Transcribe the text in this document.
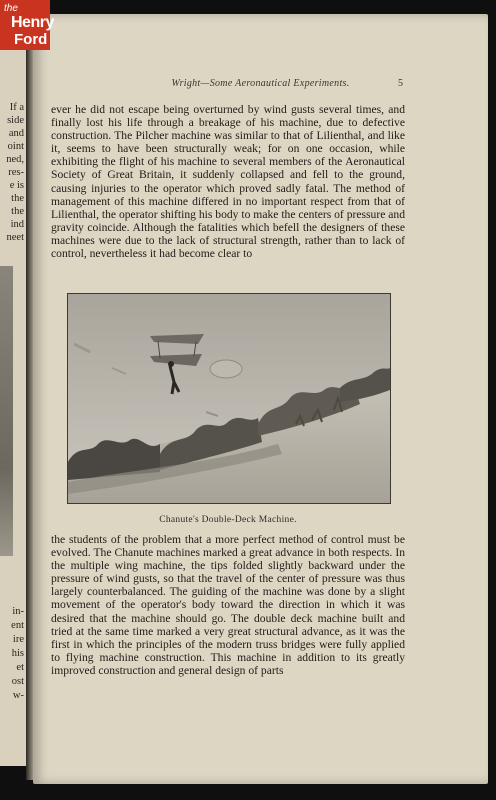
the
Henry
Ford
If a
side
and
oint
ned,
res-
e is
the
the
ind
neet
in-
ent
ire
his
et
ost
w-
Wright—Some Aeronautical Experiments.	5

ever he did not escape being overturned by wind gusts several times, and finally lost his life through a breakage of his machine, due to defective construction. The Pilcher machine was similar to that of Lilienthal, and like it, seems to have been structurally weak; for on one occasion, while exhibiting the flight of his machine to several members of the Aeronautical Society of Great Britain, it suddenly collapsed and fell to the ground, causing injuries to the operator which proved sadly fatal. The method of management of this machine differed in no important respect from that of Lilienthal, the operator shifting his body to make the centers of pressure and gravity coincide. Although the fatalities which befell the designers of these machines were due to the lack of structural strength, rather than to lack of control, nevertheless it had become clear to

Chanute's Double-Deck Machine.

the students of the problem that a more perfect method of control must be evolved. The Chanute machines marked a great advance in both respects. In the multiple wing machine, the tips folded slightly backward under the pressure of wind gusts, so that the travel of the center of pressure was thus largely counterbalanced. The guiding of the machine was done by a slight movement of the operator's body toward the direction in which it was desired that the machine should go. The double deck machine built and tried at the same time marked a very great structural advance, as it was the first in which the principles of the modern truss bridges were fully applied to flying machine construction. This machine in addition to its greatly improved construction and general design of parts
